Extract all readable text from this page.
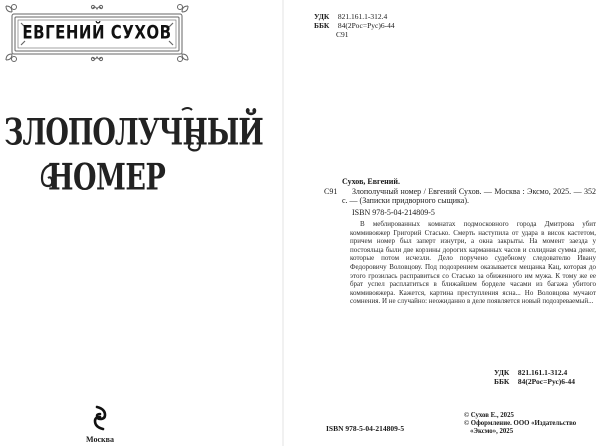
ЕВГЕНИЙ СУХОВ
ЗЛОПОЛУЧНЫЙ
НОМЕР
Москва
УДК 821.161.1-312.4
ББК 84(2Рос=Рус)6-44
С91
Сухов, Евгений.
С91	Злополучный номер / Евгений Сухов. — Москва : Эксмо, 2025. — 352 с. — (Записки придворного сыщика).
ISBN 978-5-04-214809-5
В меблированных комнатах подмосковного города Дмитрова убит коммивояжер Григорий Стасько. Смерть наступила от удара в висок кастетом, причем номер был заперт изнутри, а окна закрыты. На момент заезда у постояльца были две корзины дорогих карманных часов и солидная сумма денег, которые потом исчезли. Дело поручено судебному следователю Ивану Федоровичу Воловцову. Под подозрением оказывается мещанка Кац, которая до этого грозилась расправиться со Стасько за обиженного им мужа. К тому же ее брат успел расплатиться в ближайшем борделе часами из багажа убитого коммивояжера. Кажется, картина преступления ясна... Но Воловцова мучают сомнения. И не случайно: неожиданно в деле появляется новый подозреваемый...
УДК 821.161.1-312.4
ББК 84(2Рос=Рус)6-44
ISBN 978-5-04-214809-5
© Сухов Е., 2025
© Оформление. ООО «Издательство
«Эксмо», 2025
